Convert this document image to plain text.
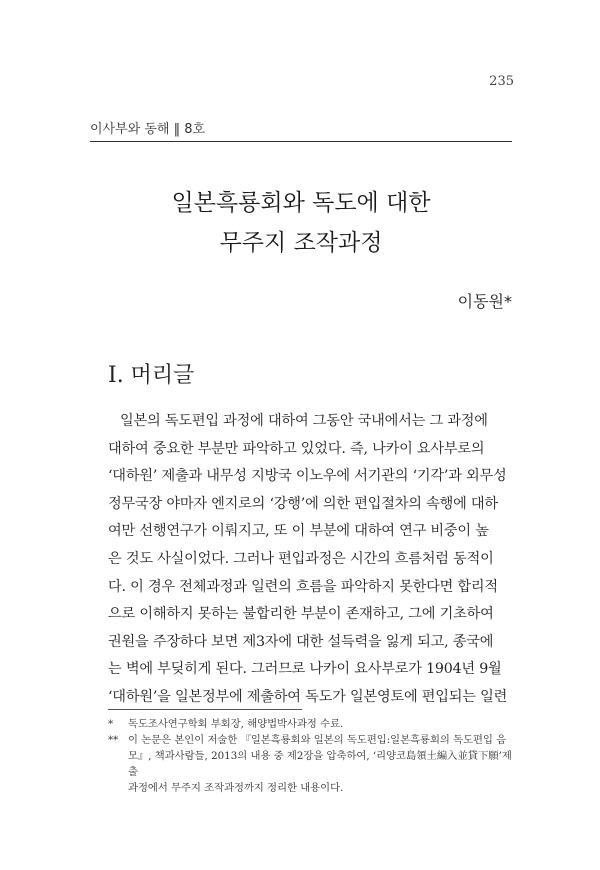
235
이사부와 동해 ‖ 8호
일본흑룡회와 독도에 대한
무주지 조작과정
이동원*
Ⅰ. 머리글
일본의 독도편입 과정에 대하여 그동안 국내에서는 그 과정에
대하여 중요한 부분만 파악하고 있었다. 즉, 나카이 요사부로의
‘대하원’ 제출과 내무성 지방국 이노우에 서기관의 ‘기각’과 외무성
정무국장 야마자 엔지로의 ‘강행’에 의한 편입절차의 속행에 대하
여만 선행연구가 이뤄지고, 또 이 부분에 대하여 연구 비중이 높
은 것도 사실이었다. 그러나 편입과정은 시간의 흐름처럼 동적이
다. 이 경우 전체과정과 일련의 흐름을 파악하지 못한다면 합리적
으로 이해하지 못하는 불합리한 부분이 존재하고, 그에 기초하여
권원을 주장하다 보면 제3자에 대한 설득력을 잃게 되고, 종국에
는 벽에 부딪히게 된다. 그러므로 나카이 요사부로가 1904년 9월
‘대하원’을 일본정부에 제출하여 독도가 일본영토에 편입되는 일련
* 독도조사연구학회 부회장, 해양법박사과정 수료.
** 이 논문은 본인이 저술한 『일본흑룡회와 일본의 독도편입:일본흑룡회의 독도편입 음
모』, 책과사람들, 2013의 내용 중 제2장을 압축하여, ‘리양코島領土編入並貸下願’제출
과정에서 무주지 조작과정까지 정리한 내용이다.
